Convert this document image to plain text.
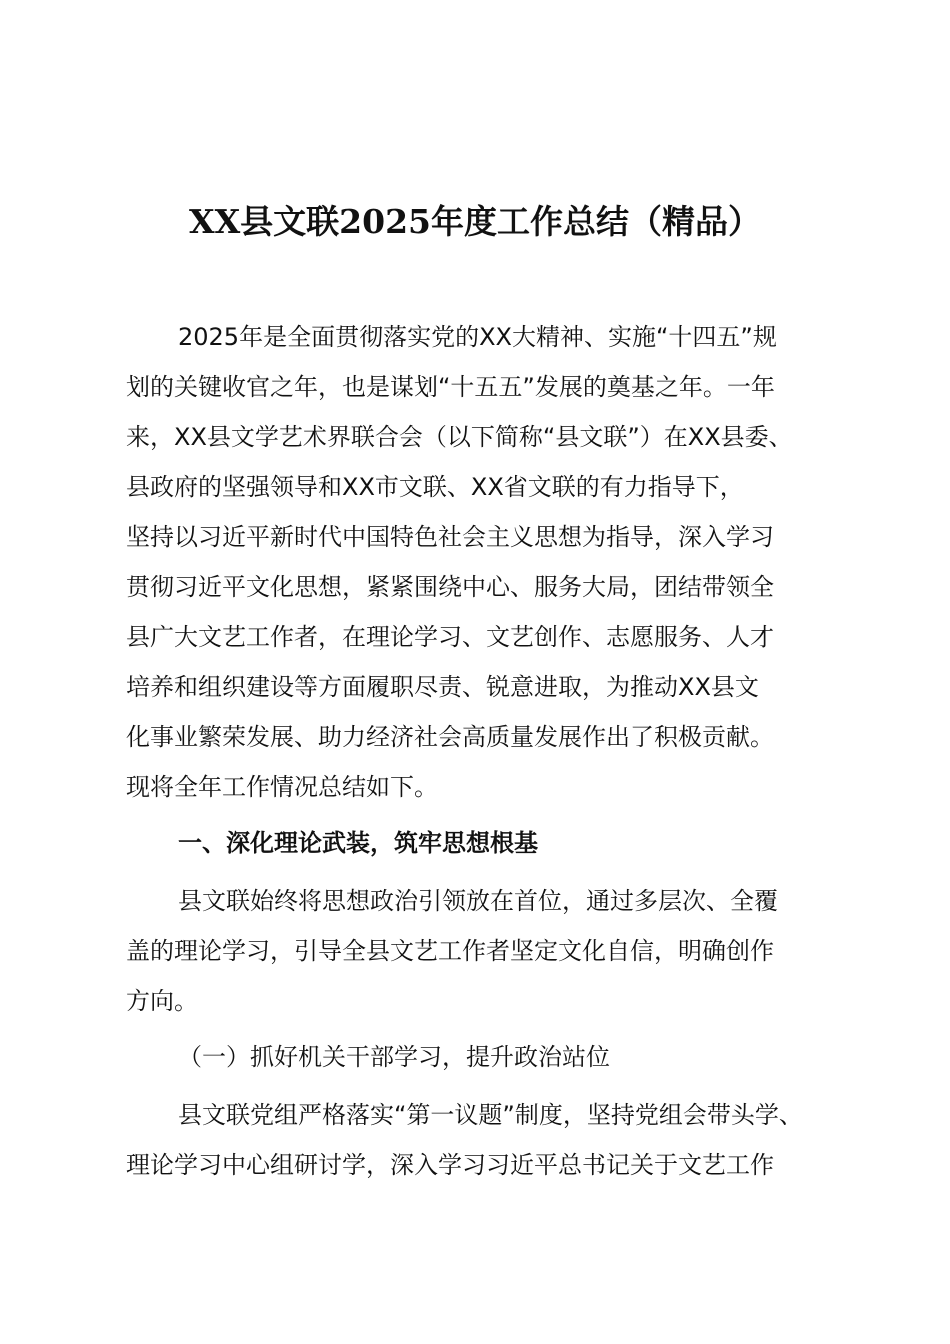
XX县文联2025年度工作总结（精品）

2025年是全面贯彻落实党的XX大精神、实施“十四五”规

划的关键收官之年，也是谋划“十五五”发展的奠基之年。一年

来，XX县文学艺术界联合会（以下简称“县文联”）在XX县委、

县政府的坚强领导和XX市文联、XX省文联的有力指导下，

坚持以习近平新时代中国特色社会主义思想为指导，深入学习

贯彻习近平文化思想，紧紧围绕中心、服务大局，团结带领全

县广大文艺工作者，在理论学习、文艺创作、志愿服务、人才

培养和组织建设等方面履职尽责、锐意进取，为推动XX县文

化事业繁荣发展、助力经济社会高质量发展作出了积极贡献。

现将全年工作情况总结如下。

一、深化理论武装，筑牢思想根基

县文联始终将思想政治引领放在首位，通过多层次、全覆

盖的理论学习，引导全县文艺工作者坚定文化自信，明确创作

方向。

（一）抓好机关干部学习，提升政治站位

县文联党组严格落实“第一议题”制度，坚持党组会带头学、

理论学习中心组研讨学，深入学习习近平总书记关于文艺工作
